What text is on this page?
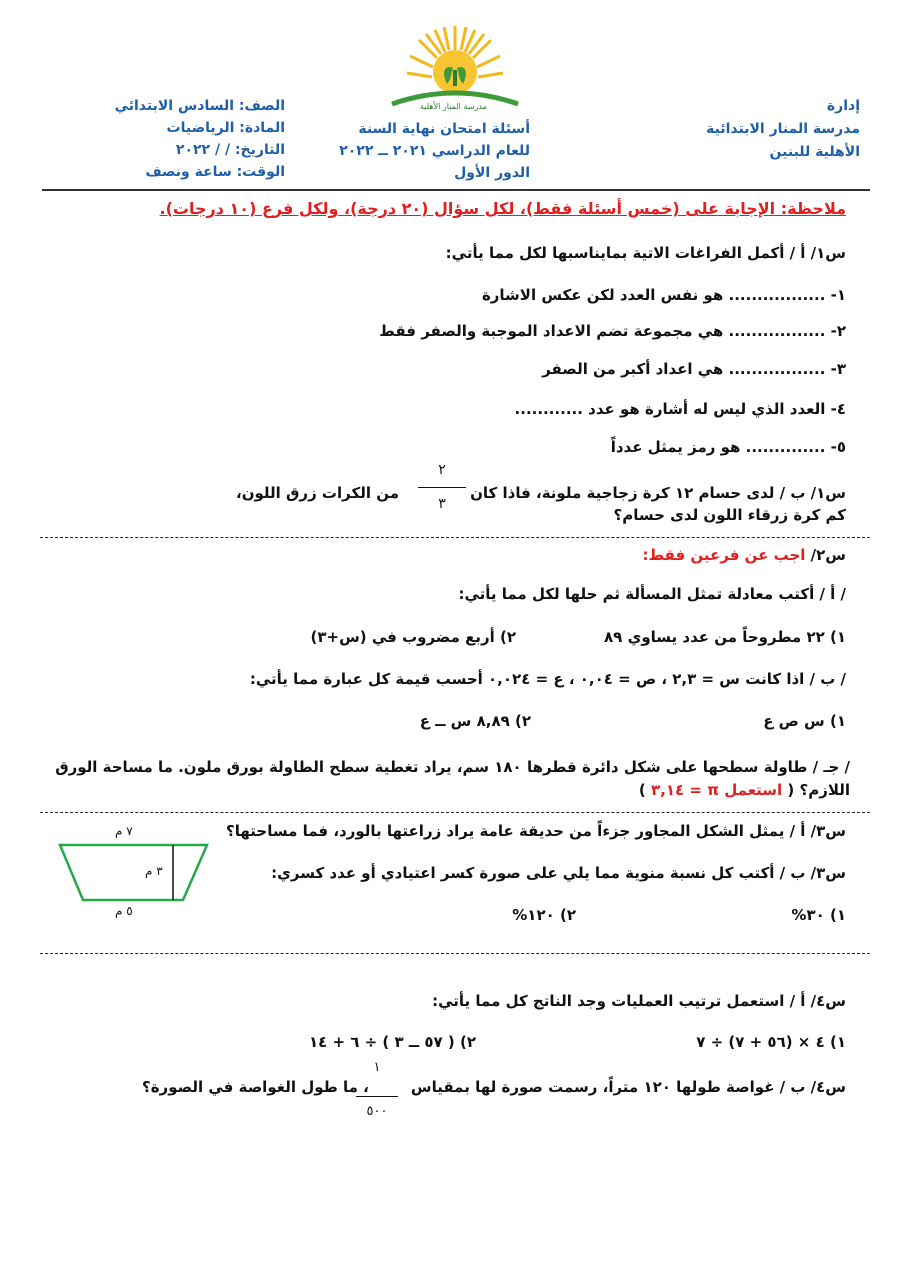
إدارة
مدرسة المنار الابتدائية
الأهلية للبنين
مدرسة المنار الأهلية
أسئلة امتحان نهاية السنة
للعام الدراسي ٢٠٢١ ــ ٢٠٢٢
الدور الأول
الصف: السادس الابتدائي
المادة: الرياضيات
التاريخ: / / ٢٠٢٢
الوقت: ساعة ونصف
ملاحظة: الإجابة على (خمس أسئلة فقط)، لكل سؤال (٢٠ درجة)، ولكل فرع (١٠ درجات).
س١/ أ / أكمل الفراغات الاتية بمايناسبها لكل مما يأتي:
١- ................. هو نفس العدد لكن عكس الاشارة
٢- ................. هي مجموعة تضم الاعداد الموجبة والصفر فقط
٣- ................. هي اعداد أكبر من الصفر
٤- العدد الذي ليس له أشارة هو عدد ............
٥- .............. هو رمز يمثل عدداً
س١/ ب / لدى حسام ١٢ كرة زجاجية ملونة، فاذا كان
٢
٣
من الكرات زرق اللون،
كم كرة زرقاء اللون لدى حسام؟
س٢/ اجب عن فرعين فقط:
/ أ / أكتب معادلة تمثل المسألة ثم حلها لكل مما يأتي:
١) ٢٢ مطروحاً من عدد يساوي ٨٩
٢) أربع مضروب في (س+٣)
/ ب / اذا كانت س = ٢,٣ ، ص = ٠,٠٤ ، ع = ٠,٠٢٤ أحسب قيمة كل عبارة مما يأتي:
١) س ص ع
٢) ٨,٨٩ س ــ ع
/ جـ / طاولة سطحها على شكل دائرة قطرها ١٨٠ سم، يراد تغطية سطح الطاولة بورق ملون. ما مساحة الورق
اللازم؟ ( استعمل π = ٣,١٤ )
س٣/ أ / يمثل الشكل المجاور جزءاً من حديقة عامة يراد زراعتها بالورد، فما مساحتها؟
س٣/ ب / أكتب كل نسبة منوية مما يلي على صورة كسر اعتيادي أو عدد كسري:
١) ٣٠%
٢) ١٢٠%
٧ م
٣ م
٥ م
س٤/ أ / استعمل ترتيب العمليات وجد الناتج كل مما يأتي:
١) ٤ × (٥٦ + ٧) ÷ ٧
٢) ( ٥٧ ــ ٣ ) ÷ ٦ + ١٤
س٤/ ب / غواصة طولها ١٢٠ متراً، رسمت صورة لها بمقياس
١
٥٠٠
، ما طول الغواصة في الصورة؟
